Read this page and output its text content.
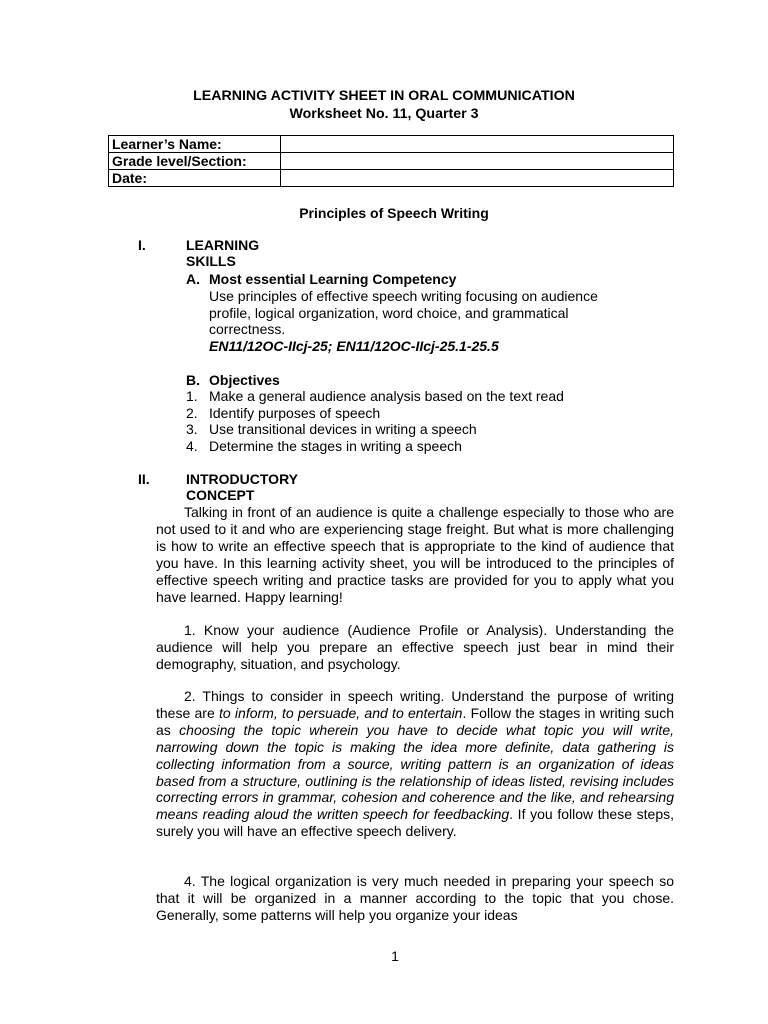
LEARNING ACTIVITY SHEET IN ORAL COMMUNICATION
Worksheet No. 11, Quarter 3
Learner’s Name:	
Grade level/Section:	
Date:	
Principles of Speech Writing
I.	LEARNING SKILLS
A. Most essential Learning Competency
Use principles of effective speech writing focusing on audience
profile, logical organization, word choice, and grammatical
correctness.
EN11/12OC-IIcj-25; EN11/12OC-IIcj-25.1-25.5
B. Objectives
1. Make a general audience analysis based on the text read
2. Identify purposes of speech
3. Use transitional devices in writing a speech
4. Determine the stages in writing a speech
II.	INTRODUCTORY CONCEPT

Talking in front of an audience is quite a challenge especially to those who are not used to it and who are experiencing stage freight. But what is more challenging is how to write an effective speech that is appropriate to the kind of audience that you have. In this learning activity sheet, you will be introduced to the principles of effective speech writing and practice tasks are provided for you to apply what you have learned. Happy learning!

1. Know your audience (Audience Profile or Analysis). Understanding the audience will help you prepare an effective speech just bear in mind their demography, situation, and psychology.

2. Things to consider in speech writing. Understand the purpose of writing these are to inform, to persuade, and to entertain. Follow the stages in writing such as choosing the topic wherein you have to decide what topic you will write, narrowing down the topic is making the idea more definite, data gathering is collecting information from a source, writing pattern is an organization of ideas based from a structure, outlining is the relationship of ideas listed, revising includes correcting errors in grammar, cohesion and coherence and the like, and rehearsing means reading aloud the written speech for feedbacking. If you follow these steps, surely you will have an effective speech delivery.

4. The logical organization is very much needed in preparing your speech so that it will be organized in a manner according to the topic that you chose. Generally, some patterns will help you organize your ideas

1
